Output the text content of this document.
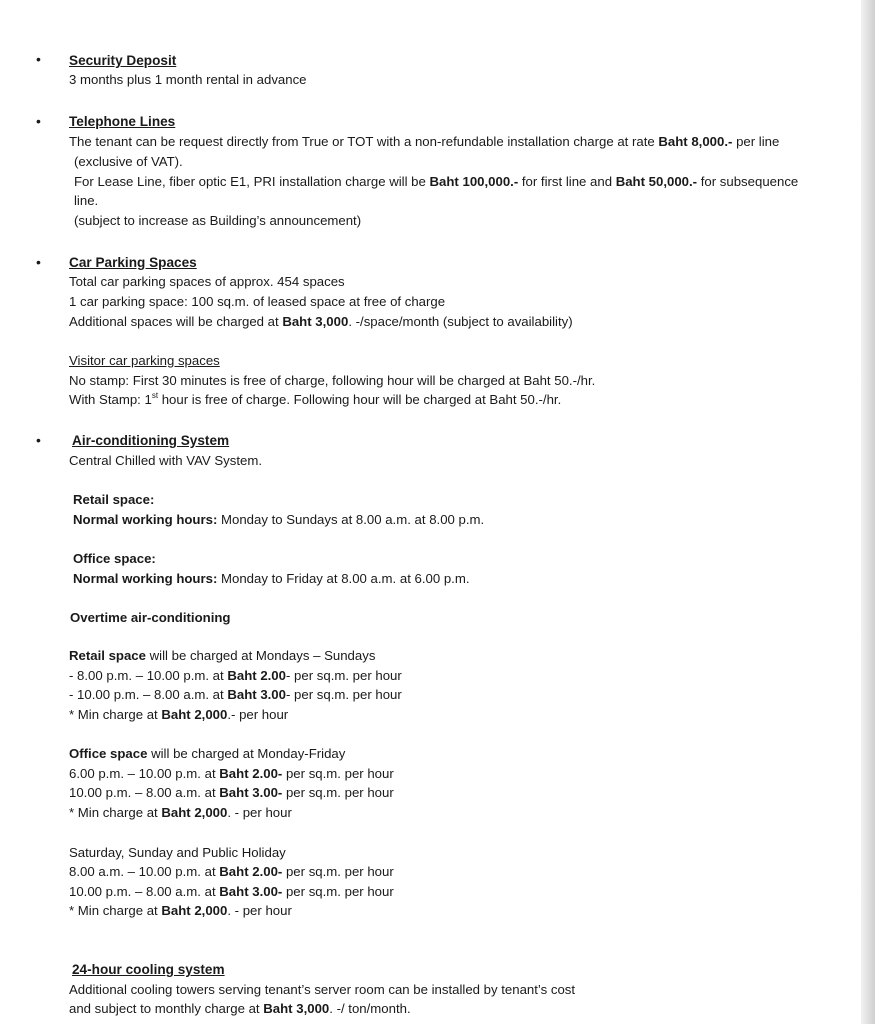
• Security Deposit
3 months plus 1 month rental in advance
• Telephone Lines
The tenant can be request directly from True or TOT with a non-refundable installation charge at rate Baht 8,000.- per line
(exclusive of VAT).
For Lease Line, fiber optic E1, PRI installation charge will be Baht 100,000.- for first line and Baht 50,000.- for subsequence
line.
(subject to increase as Building’s announcement)
• Car Parking Spaces
Total car parking spaces of approx. 454 spaces
1 car parking space: 100 sq.m. of leased space at free of charge
Additional spaces will be charged at Baht 3,000. -/space/month (subject to availability)
Visitor car parking spaces
No stamp: First 30 minutes is free of charge, following hour will be charged at Baht 50.-/hr.
With Stamp: 1st hour is free of charge. Following hour will be charged at Baht 50.-/hr.
• Air-conditioning System
Central Chilled with VAV System.
Retail space:
Normal working hours: Monday to Sundays at 8.00 a.m. at 8.00 p.m.
Office space:
Normal working hours: Monday to Friday at 8.00 a.m. at 6.00 p.m.
Overtime air-conditioning
Retail space will be charged at Mondays – Sundays
- 8.00 p.m. – 10.00 p.m. at Baht 2.00- per sq.m. per hour
- 10.00 p.m. – 8.00 a.m. at Baht 3.00- per sq.m. per hour
* Min charge at Baht 2,000.- per hour
Office space will be charged at Monday-Friday
6.00 p.m. – 10.00 p.m. at Baht 2.00- per sq.m. per hour
10.00 p.m. – 8.00 a.m. at Baht 3.00- per sq.m. per hour
* Min charge at Baht 2,000. - per hour
Saturday, Sunday and Public Holiday
8.00 a.m. – 10.00 p.m. at Baht 2.00- per sq.m. per hour
10.00 p.m. – 8.00 a.m. at Baht 3.00- per sq.m. per hour
* Min charge at Baht 2,000. - per hour
24-hour cooling system
Additional cooling towers serving tenant’s server room can be installed by tenant’s cost
and subject to monthly charge at Baht 3,000. -/ ton/month.
